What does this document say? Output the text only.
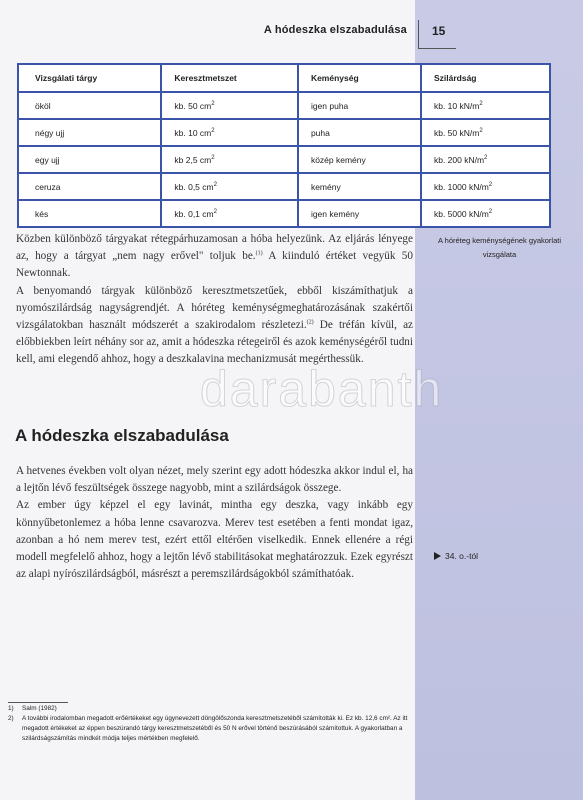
A hódeszka elszabadulása 15
Vizsgálati tárgy	Keresztmetszet	Keménység	Szilárdság
ököl	kb. 50 $cm^2$	igen puha	kb. 10 $kN/m^2$
négy ujj	kb. 10 $cm^2$	puha	kb. 50 $kN/m^2$
egy ujj	kb 2,5 $cm^2$	közép kemény	kb. 200 $kN/m^2$
ceruza	kb. 0,5 $cm^2$	kemény	kb. 1000 $kN/m^2$
kés	kb. 0,1 $cm^2$	igen kemény	kb. 5000 $kN/m^2$

Közben különböző tárgyakat rétegpárhuzamosan a hóba helyezünk. Az eljárás lényege az, hogy a tárgyat „nem nagy erővel" toljuk be.$^{(1)}$ A kiinduló értéket vegyük 50 Newtonnak.
A benyomandó tárgyak különböző keresztmetszetűek, ebből kiszámíthatjuk a nyomószilárdság nagyságrendjét. A hóréteg keménységmeghatározásának szakértői vizsgálatokban használt módszerét a szakirodalom részletezi.$^{(2)}$ De tréfán kívül, az előbbiekben leírt néhány sor az, amit a hódeszka rétegeiről és azok keménységéről tudni kell, ami elegendő ahhoz, hogy a deszkalavina mechanizmusát megérthessük.

A hóréteg keménységének gyakorlati vizsgálata
darabanth
A hódeszka elszabadulása

A hetvenes években volt olyan nézet, mely szerint egy adott hódeszka akkor indul el, ha a lejtőn lévő feszültségek összege nagyobb, mint a szilárdságok összege.
Az ember úgy képzel el egy lavinát, mintha egy deszka, vagy inkább egy könnyűbetonlemez a hóba lenne csavarozva. Merev test esetében a fenti mondat igaz, azonban a hó nem merev test, ezért ettől eltérően viselkedik. Ennek ellenére a régi modell megfelelő ahhoz, hogy a lejtőn lévő stabilitásokat meghatározzuk. Ezek egyrészt az alapi nyírószilárdságból, másrészt a peremszilárdságokból számíthatóak.

34. o.-tól
1)	Salm (1982)
2)	A további irodalomban megadott erőértékeket egy úgynevezett döngölőszonda keresztmetszetéből számították ki. Ez kb. 12,6 cm². Az itt megadott értékeket az éppen beszúrandó tárgy keresztmetszetéből és 50 N erővel történő beszúrásából számítottuk. A gyakorlatban a szilárdságszámítás mindkét módja teljes mértékben megfelelő.
